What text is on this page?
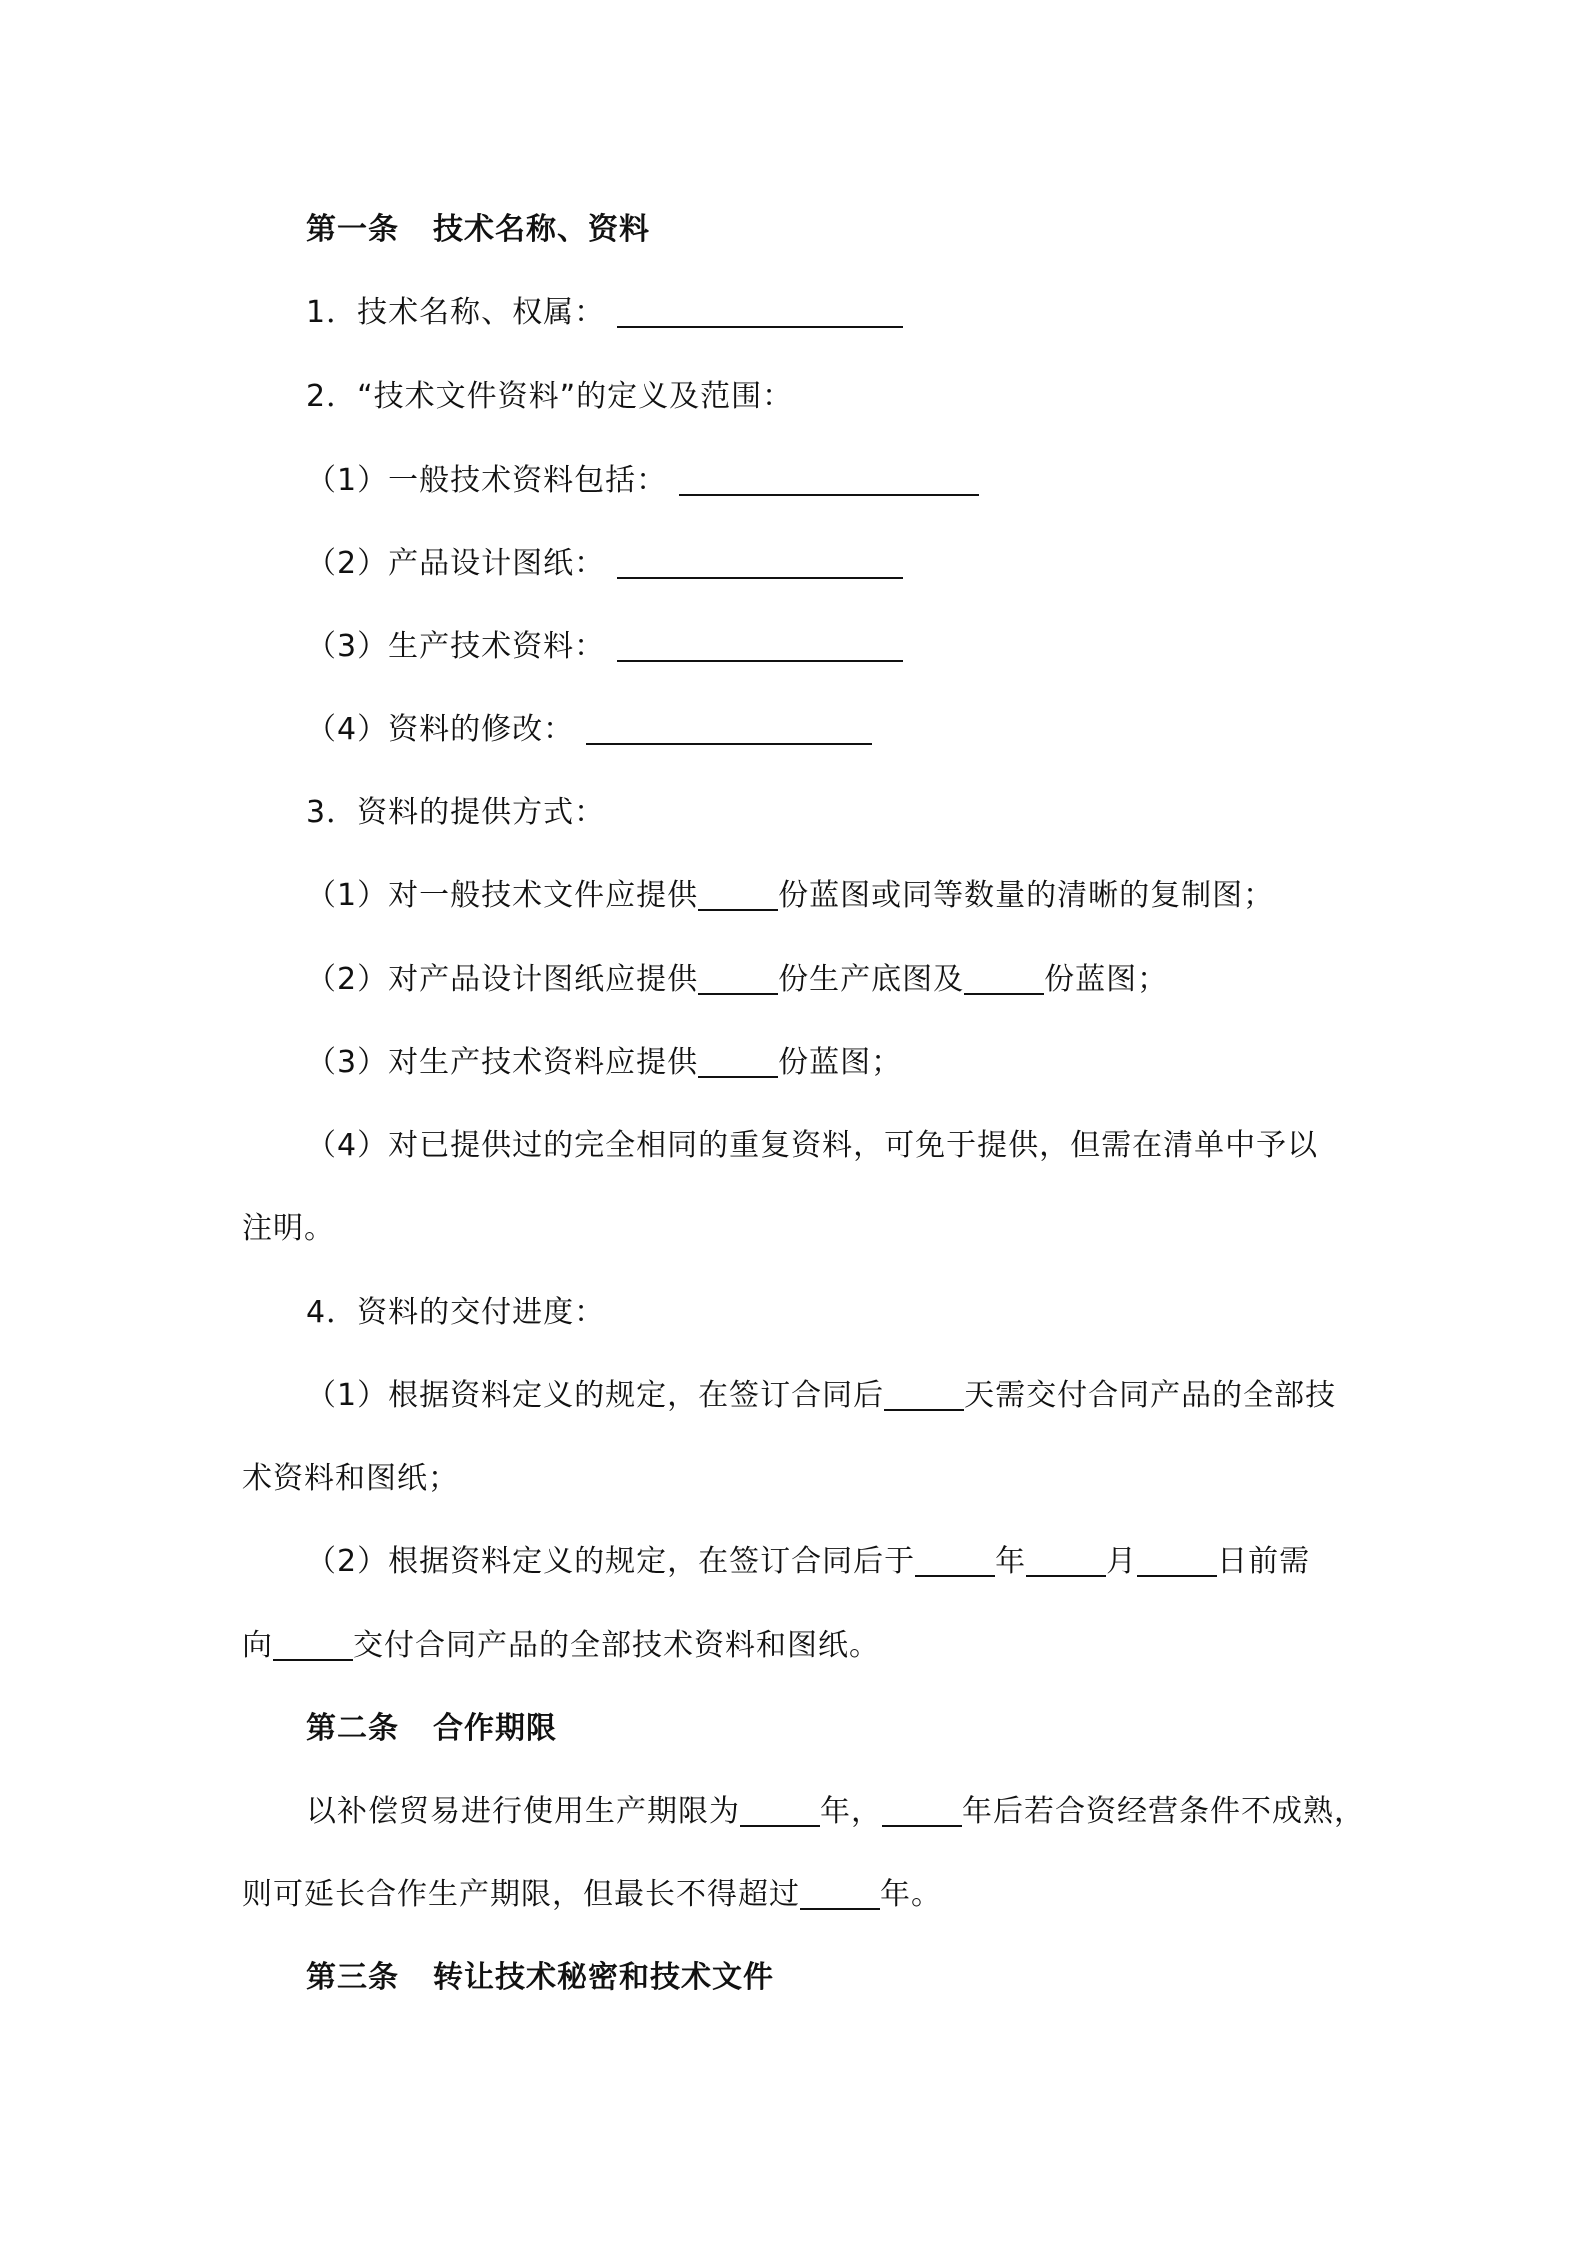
第一条 技术名称、资料
1．技术名称、权属：
2．“技术文件资料”的定义及范围：
（1）一般技术资料包括：
（2）产品设计图纸：
（3）生产技术资料：
（4）资料的修改：
3．资料的提供方式：
（1）对一般技术文件应提供	份蓝图或同等数量的清晰的复制图；
（2）对产品设计图纸应提供	份生产底图及	份蓝图；
（3）对生产技术资料应提供	份蓝图；
（4）对已提供过的完全相同的重复资料，可免于提供，但需在清单中予以
注明。
4．资料的交付进度：
（1）根据资料定义的规定，在签订合同后	天需交付合同产品的全部技
术资料和图纸；
（2）根据资料定义的规定，在签订合同后于	年	月	日前需
向	交付合同产品的全部技术资料和图纸。
第二条 合作期限
以补偿贸易进行使用生产期限为	年，	年后若合资经营条件不成熟，
则可延长合作生产期限，但最长不得超过	年。
第三条 转让技术秘密和技术文件
